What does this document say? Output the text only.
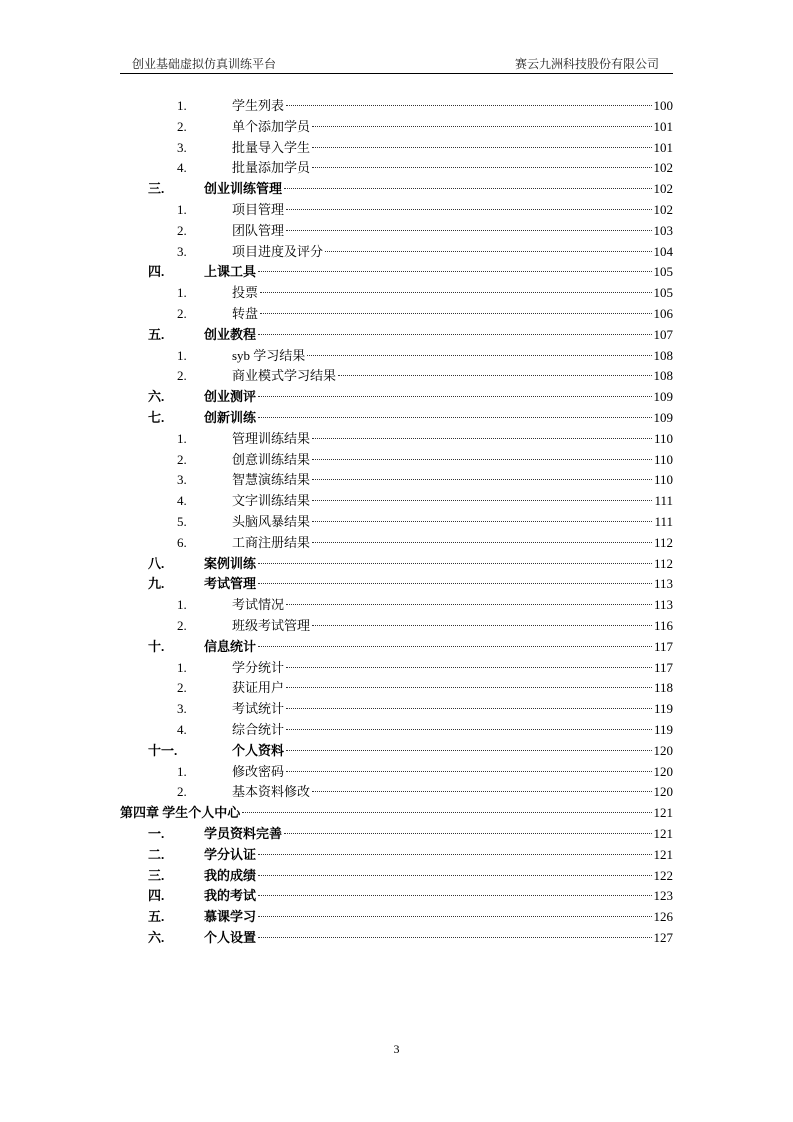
创业基础虚拟仿真训练平台	赛云九洲科技股份有限公司
1.	学生列表	100
2.	单个添加学员	101
3.	批量导入学生	101
4.	批量添加学员	102
三.	创业训练管理	102
1.	项目管理	102
2.	团队管理	103
3.	项目进度及评分	104
四.	上课工具	105
1.	投票	105
2.	转盘	106
五.	创业教程	107
1.	syb 学习结果	108
2.	商业模式学习结果	108
六.	创业测评	109
七.	创新训练	109
1.	管理训练结果	110
2.	创意训练结果	110
3.	智慧演练结果	110
4.	文字训练结果	111
5.	头脑风暴结果	111
6.	工商注册结果	112
八.	案例训练	112
九.	考试管理	113
1.	考试情况	113
2.	班级考试管理	116
十.	信息统计	117
1.	学分统计	117
2.	获证用户	118
3.	考试统计	119
4.	综合统计	119
十一.	个人资料	120
1.	修改密码	120
2.	基本资料修改	120
第四章 学生个人中心	121
一.	学员资料完善	121
二.	学分认证	121
三.	我的成绩	122
四.	我的考试	123
五.	慕课学习	126
六.	个人设置	127
3
